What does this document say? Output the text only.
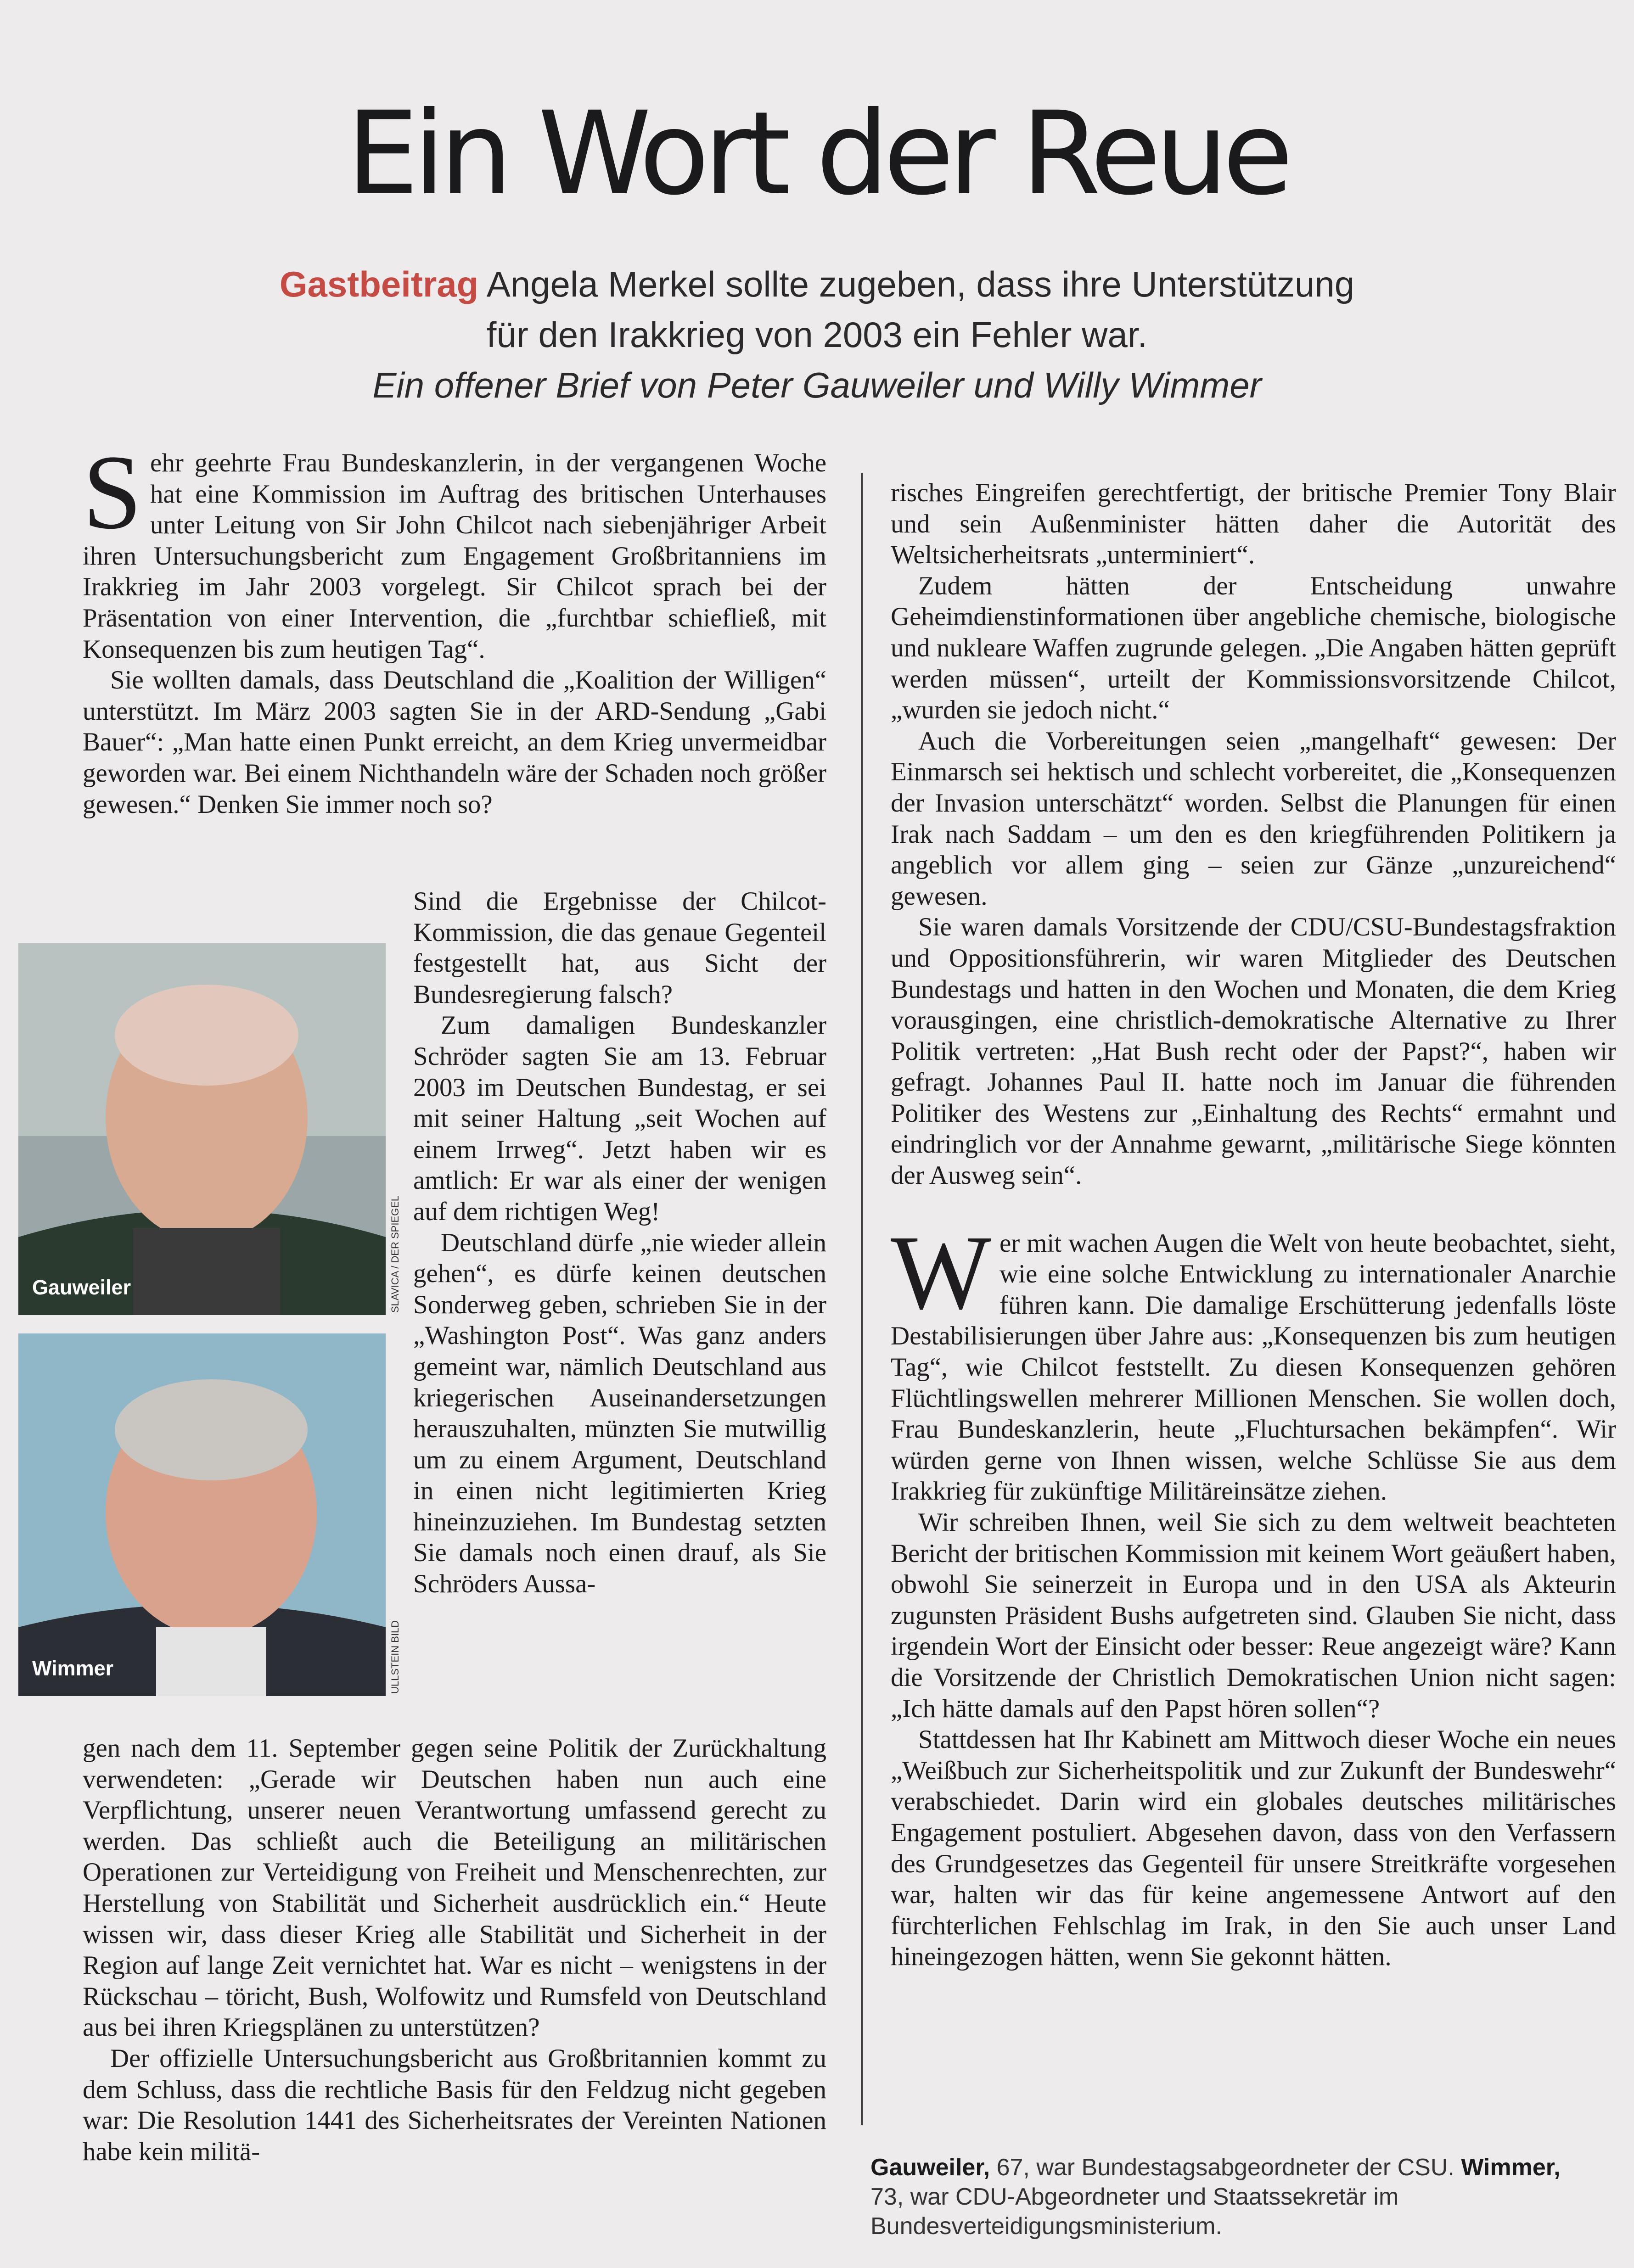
Ein Wort der Reue
Gastbeitrag Angela Merkel sollte zugeben, dass ihre Unterstützung
für den Irakkrieg von 2003 ein Fehler war.
Ein offener Brief von Peter Gauweiler und Willy Wimmer

Sehr geehrte Frau Bundeskanzlerin, in der vergangenen Woche hat eine Kommission im Auftrag des britischen Unterhauses unter Leitung von Sir John Chilcot nach siebenjähriger Arbeit ihren Untersuchungsbericht zum Engagement Großbritanniens im Irakkrieg im Jahr 2003 vorgelegt. Sir Chilcot sprach bei der Präsentation von einer Intervention, die „furchtbar schiefließ, mit Konsequenzen bis zum heutigen Tag“.

Sie wollten damals, dass Deutschland die „Koalition der Willigen“ unterstützt. Im März 2003 sagten Sie in der ARD-Sendung „Gabi Bauer“: „Man hatte einen Punkt erreicht, an dem Krieg unvermeidbar geworden war. Bei einem Nichthandeln wäre der Schaden noch größer gewesen.“ Denken Sie immer noch so?

Gauweiler	SLAVICA / DER SPIEGEL
Wimmer	ULLSTEIN BILD

Sind die Ergebnisse der Chilcot-Kommission, die das genaue Gegenteil festgestellt hat, aus Sicht der Bundesregierung falsch?

Zum damaligen Bundeskanzler Schröder sagten Sie am 13. Februar 2003 im Deutschen Bundestag, er sei mit seiner Haltung „seit Wochen auf einem Irrweg“. Jetzt haben wir es amtlich: Er war als einer der wenigen auf dem richtigen Weg!

Deutschland dürfe „nie wieder allein gehen“, es dürfe keinen deutschen Sonderweg geben, schrieben Sie in der „Washington Post“. Was ganz anders gemeint war, nämlich Deutschland aus kriegerischen Auseinandersetzungen herauszuhalten, münzten Sie mutwillig um zu einem Argument, Deutschland in einen nicht legitimierten Krieg hineinzuziehen. Im Bundestag setzten Sie damals noch einen drauf, als Sie Schröders Aussa-

gen nach dem 11. September gegen seine Politik der Zurückhaltung verwendeten: „Gerade wir Deutschen haben nun auch eine Verpflichtung, unserer neuen Verantwortung umfassend gerecht zu werden. Das schließt auch die Beteiligung an militärischen Operationen zur Verteidigung von Freiheit und Menschenrechten, zur Herstellung von Stabilität und Sicherheit ausdrücklich ein.“ Heute wissen wir, dass dieser Krieg alle Stabilität und Sicherheit in der Region auf lange Zeit vernichtet hat. War es nicht – wenigstens in der Rückschau – töricht, Bush, Wolfowitz und Rumsfeld von Deutschland aus bei ihren Kriegsplänen zu unterstützen?

Der offizielle Untersuchungsbericht aus Großbritannien kommt zu dem Schluss, dass die rechtliche Basis für den Feldzug nicht gegeben war: Die Resolution 1441 des Sicherheitsrates der Vereinten Nationen habe kein militä-

risches Eingreifen gerechtfertigt, der britische Premier Tony Blair und sein Außenminister hätten daher die Autorität des Weltsicherheitsrats „unterminiert“.

Zudem hätten der Entscheidung unwahre Geheimdienstinformationen über angebliche chemische, biologische und nukleare Waffen zugrunde gelegen. „Die Angaben hätten geprüft werden müssen“, urteilt der Kommissionsvorsitzende Chilcot, „wurden sie jedoch nicht.“

Auch die Vorbereitungen seien „mangelhaft“ gewesen: Der Einmarsch sei hektisch und schlecht vorbereitet, die „Konsequenzen der Invasion unterschätzt“ worden. Selbst die Planungen für einen Irak nach Saddam – um den es den kriegführenden Politikern ja angeblich vor allem ging – seien zur Gänze „unzureichend“ gewesen.

Sie waren damals Vorsitzende der CDU/CSU-Bundestagsfraktion und Oppositionsführerin, wir waren Mitglieder des Deutschen Bundestags und hatten in den Wochen und Monaten, die dem Krieg vorausgingen, eine christlich-demokratische Alternative zu Ihrer Politik vertreten: „Hat Bush recht oder der Papst?“, haben wir gefragt. Johannes Paul II. hatte noch im Januar die führenden Politiker des Westens zur „Einhaltung des Rechts“ ermahnt und eindringlich vor der Annahme gewarnt, „militärische Siege könnten der Ausweg sein“.

Wer mit wachen Augen die Welt von heute beobachtet, sieht, wie eine solche Entwicklung zu internationaler Anarchie führen kann. Die damalige Erschütterung jedenfalls löste Destabilisierungen über Jahre aus: „Konsequenzen bis zum heutigen Tag“, wie Chilcot feststellt. Zu diesen Konsequenzen gehören Flüchtlingswellen mehrerer Millionen Menschen. Sie wollen doch, Frau Bundeskanzlerin, heute „Fluchtursachen bekämpfen“. Wir würden gerne von Ihnen wissen, welche Schlüsse Sie aus dem Irakkrieg für zukünftige Militäreinsätze ziehen.

Wir schreiben Ihnen, weil Sie sich zu dem weltweit beachteten Bericht der britischen Kommission mit keinem Wort geäußert haben, obwohl Sie seinerzeit in Europa und in den USA als Akteurin zugunsten Präsident Bushs aufgetreten sind. Glauben Sie nicht, dass irgendein Wort der Einsicht oder besser: Reue angezeigt wäre? Kann die Vorsitzende der Christlich Demokratischen Union nicht sagen: „Ich hätte damals auf den Papst hören sollen“?

Stattdessen hat Ihr Kabinett am Mittwoch dieser Woche ein neues „Weißbuch zur Sicherheitspolitik und zur Zukunft der Bundeswehr“ verabschiedet. Darin wird ein globales deutsches militärisches Engagement postuliert. Abgesehen davon, dass von den Verfassern des Grundgesetzes das Gegenteil für unsere Streitkräfte vorgesehen war, halten wir das für keine angemessene Antwort auf den fürchterlichen Fehlschlag im Irak, in den Sie auch unser Land hineingezogen hätten, wenn Sie gekonnt hätten.

Gauweiler, 67, war Bundestagsabgeordneter der CSU. Wimmer, 73, war CDU-Abgeordneter und Staatssekretär im Bundesverteidigungsministerium.
